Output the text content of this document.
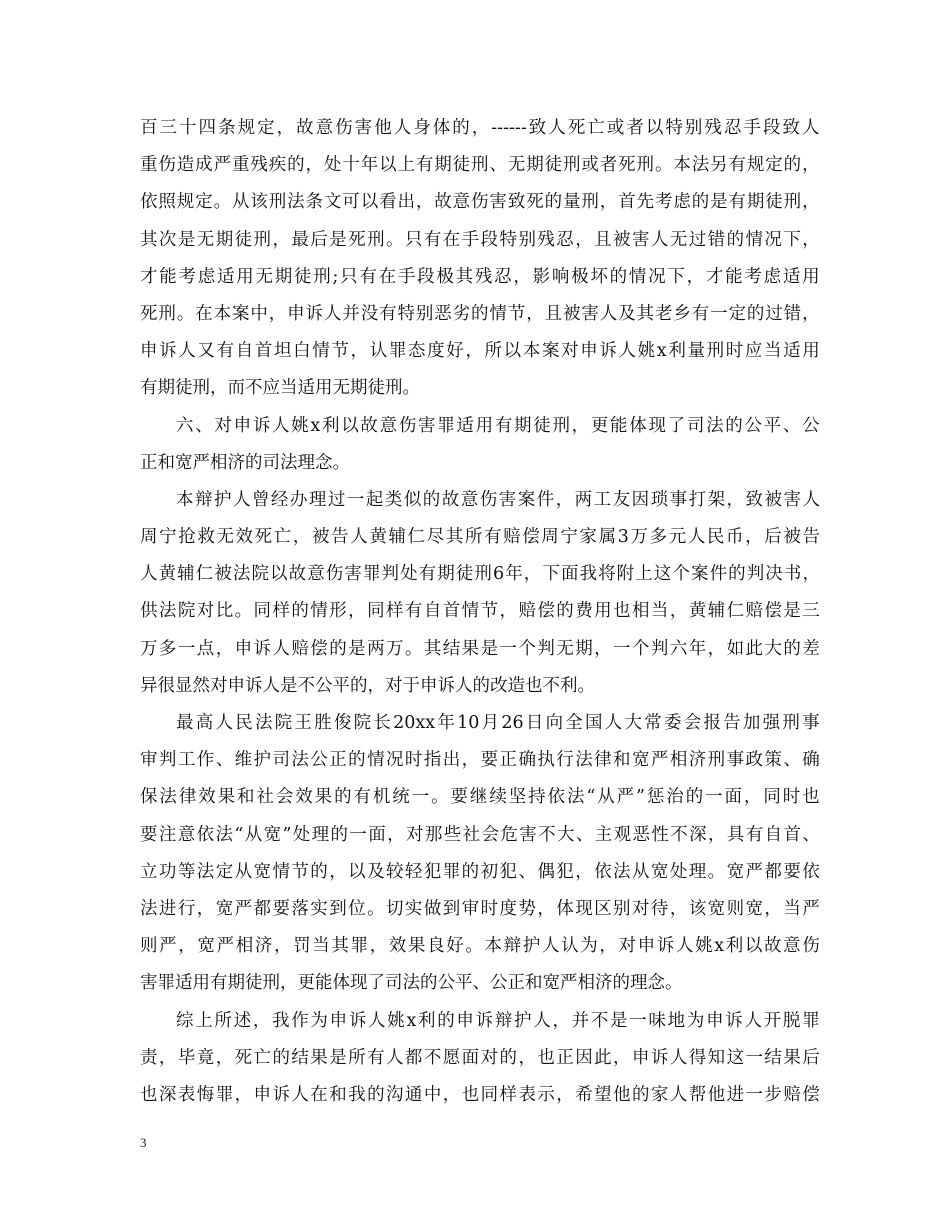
百 三 十 四 条 规 定 ， 故 意 伤 害 他 人 身 体 的 ， ------ 致 人 死 亡 或 者 以 特 别 残 忍 手 段 致 人
重 伤 造 成 严 重 残 疾 的 ， 处 十 年 以 上 有 期 徒 刑 、 无 期 徒 刑 或 者 死 刑 。 本 法 另 有 规 定 的 ，
依 照 规 定 。 从 该 刑 法 条 文 可 以 看 出 ， 故 意 伤 害 致 死 的 量 刑 ， 首 先 考 虑 的 是 有 期 徒 刑 ，
其 次 是 无 期 徒 刑 ， 最 后 是 死 刑 。 只 有 在 手 段 特 别 残 忍 ， 且 被 害 人 无 过 错 的 情 况 下 ，
才 能 考 虑 适 用 无 期 徒 刑 ; 只 有 在 手 段 极 其 残 忍 ， 影 响 极 坏 的 情 况 下 ， 才 能 考 虑 适 用
死 刑 。 在 本 案 中 ， 申 诉 人 并 没 有 特 别 恶 劣 的 情 节 ， 且 被 害 人 及 其 老 乡 有 一 定 的 过 错 ，
申 诉 人 又 有 自 首 坦 白 情 节 ， 认 罪 态 度 好 ， 所 以 本 案 对 申 诉 人 姚 x 利 量 刑 时 应 当 适 用
有期徒刑，而不应当适用无期徒刑。
六 、 对 申 诉 人 姚 x 利 以 故 意 伤 害 罪 适 用 有 期 徒 刑 ， 更 能 体 现 了 司 法 的 公 平 、 公
正和宽严相济的司法理念。
本 辩 护 人 曾 经 办 理 过 一 起 类 似 的 故 意 伤 害 案 件 ， 两 工 友 因 琐 事 打 架 ， 致 被 害 人
周 宁 抢 救 无 效 死 亡 ， 被 告 人 黄 辅 仁 尽 其 所 有 赔 偿 周 宁 家 属 3 万 多 元 人 民 币 ， 后 被 告
人 黄 辅 仁 被 法 院 以 故 意 伤 害 罪 判 处 有 期 徒 刑 6 年 ， 下 面 我 将 附 上 这 个 案 件 的 判 决 书 ，
供 法 院 对 比 。 同 样 的 情 形 ， 同 样 有 自 首 情 节 ， 赔 偿 的 费 用 也 相 当 ， 黄 辅 仁 赔 偿 是 三
万 多 一 点 ， 申 诉 人 赔 偿 的 是 两 万 。 其 结 果 是 一 个 判 无 期 ， 一 个 判 六 年 ， 如 此 大 的 差
异很显然对申诉人是不公平的，对于申诉人的改造也不利。
最 高 人 民 法 院 王 胜 俊 院 长 20xx 年 10 月 26 日 向 全 国 人 大 常 委 会 报 告 加 强 刑 事
审 判 工 作 、 维 护 司 法 公 正 的 情 况 时 指 出 ， 要 正 确 执 行 法 律 和 宽 严 相 济 刑 事 政 策 、 确
保 法 律 效 果 和 社 会 效 果 的 有 机 统 一 。 要 继 续 坚 持 依 法 “ 从 严 ” 惩 治 的 一 面 ， 同 时 也
要 注 意 依 法 “ 从 宽 ” 处 理 的 一 面 ， 对 那 些 社 会 危 害 不 大 、 主 观 恶 性 不 深 ， 具 有 自 首 、
立 功 等 法 定 从 宽 情 节 的 ， 以 及 较 轻 犯 罪 的 初 犯 、 偶 犯 ， 依 法 从 宽 处 理 。 宽 严 都 要 依
法 进 行 ， 宽 严 都 要 落 实 到 位 。 切 实 做 到 审 时 度 势 ， 体 现 区 别 对 待 ， 该 宽 则 宽 ， 当 严
则 严 ， 宽 严 相 济 ， 罚 当 其 罪 ， 效 果 良 好 。 本 辩 护 人 认 为 ， 对 申 诉 人 姚 x 利 以 故 意 伤
害罪适用有期徒刑，更能体现了司法的公平、公正和宽严相济的理念。
综 上 所 述 ， 我 作 为 申 诉 人 姚 x 利 的 申 诉 辩 护 人 ， 并 不 是 一 味 地 为 申 诉 人 开 脱 罪
责 ， 毕 竟 ， 死 亡 的 结 果 是 所 有 人 都 不 愿 面 对 的 ， 也 正 因 此 ， 申 诉 人 得 知 这 一 结 果 后
也 深 表 悔 罪 ， 申 诉 人 在 和 我 的 沟 通 中 ， 也 同 样 表 示 ， 希 望 他 的 家 人 帮 他 进 一 步 赔 偿
3
